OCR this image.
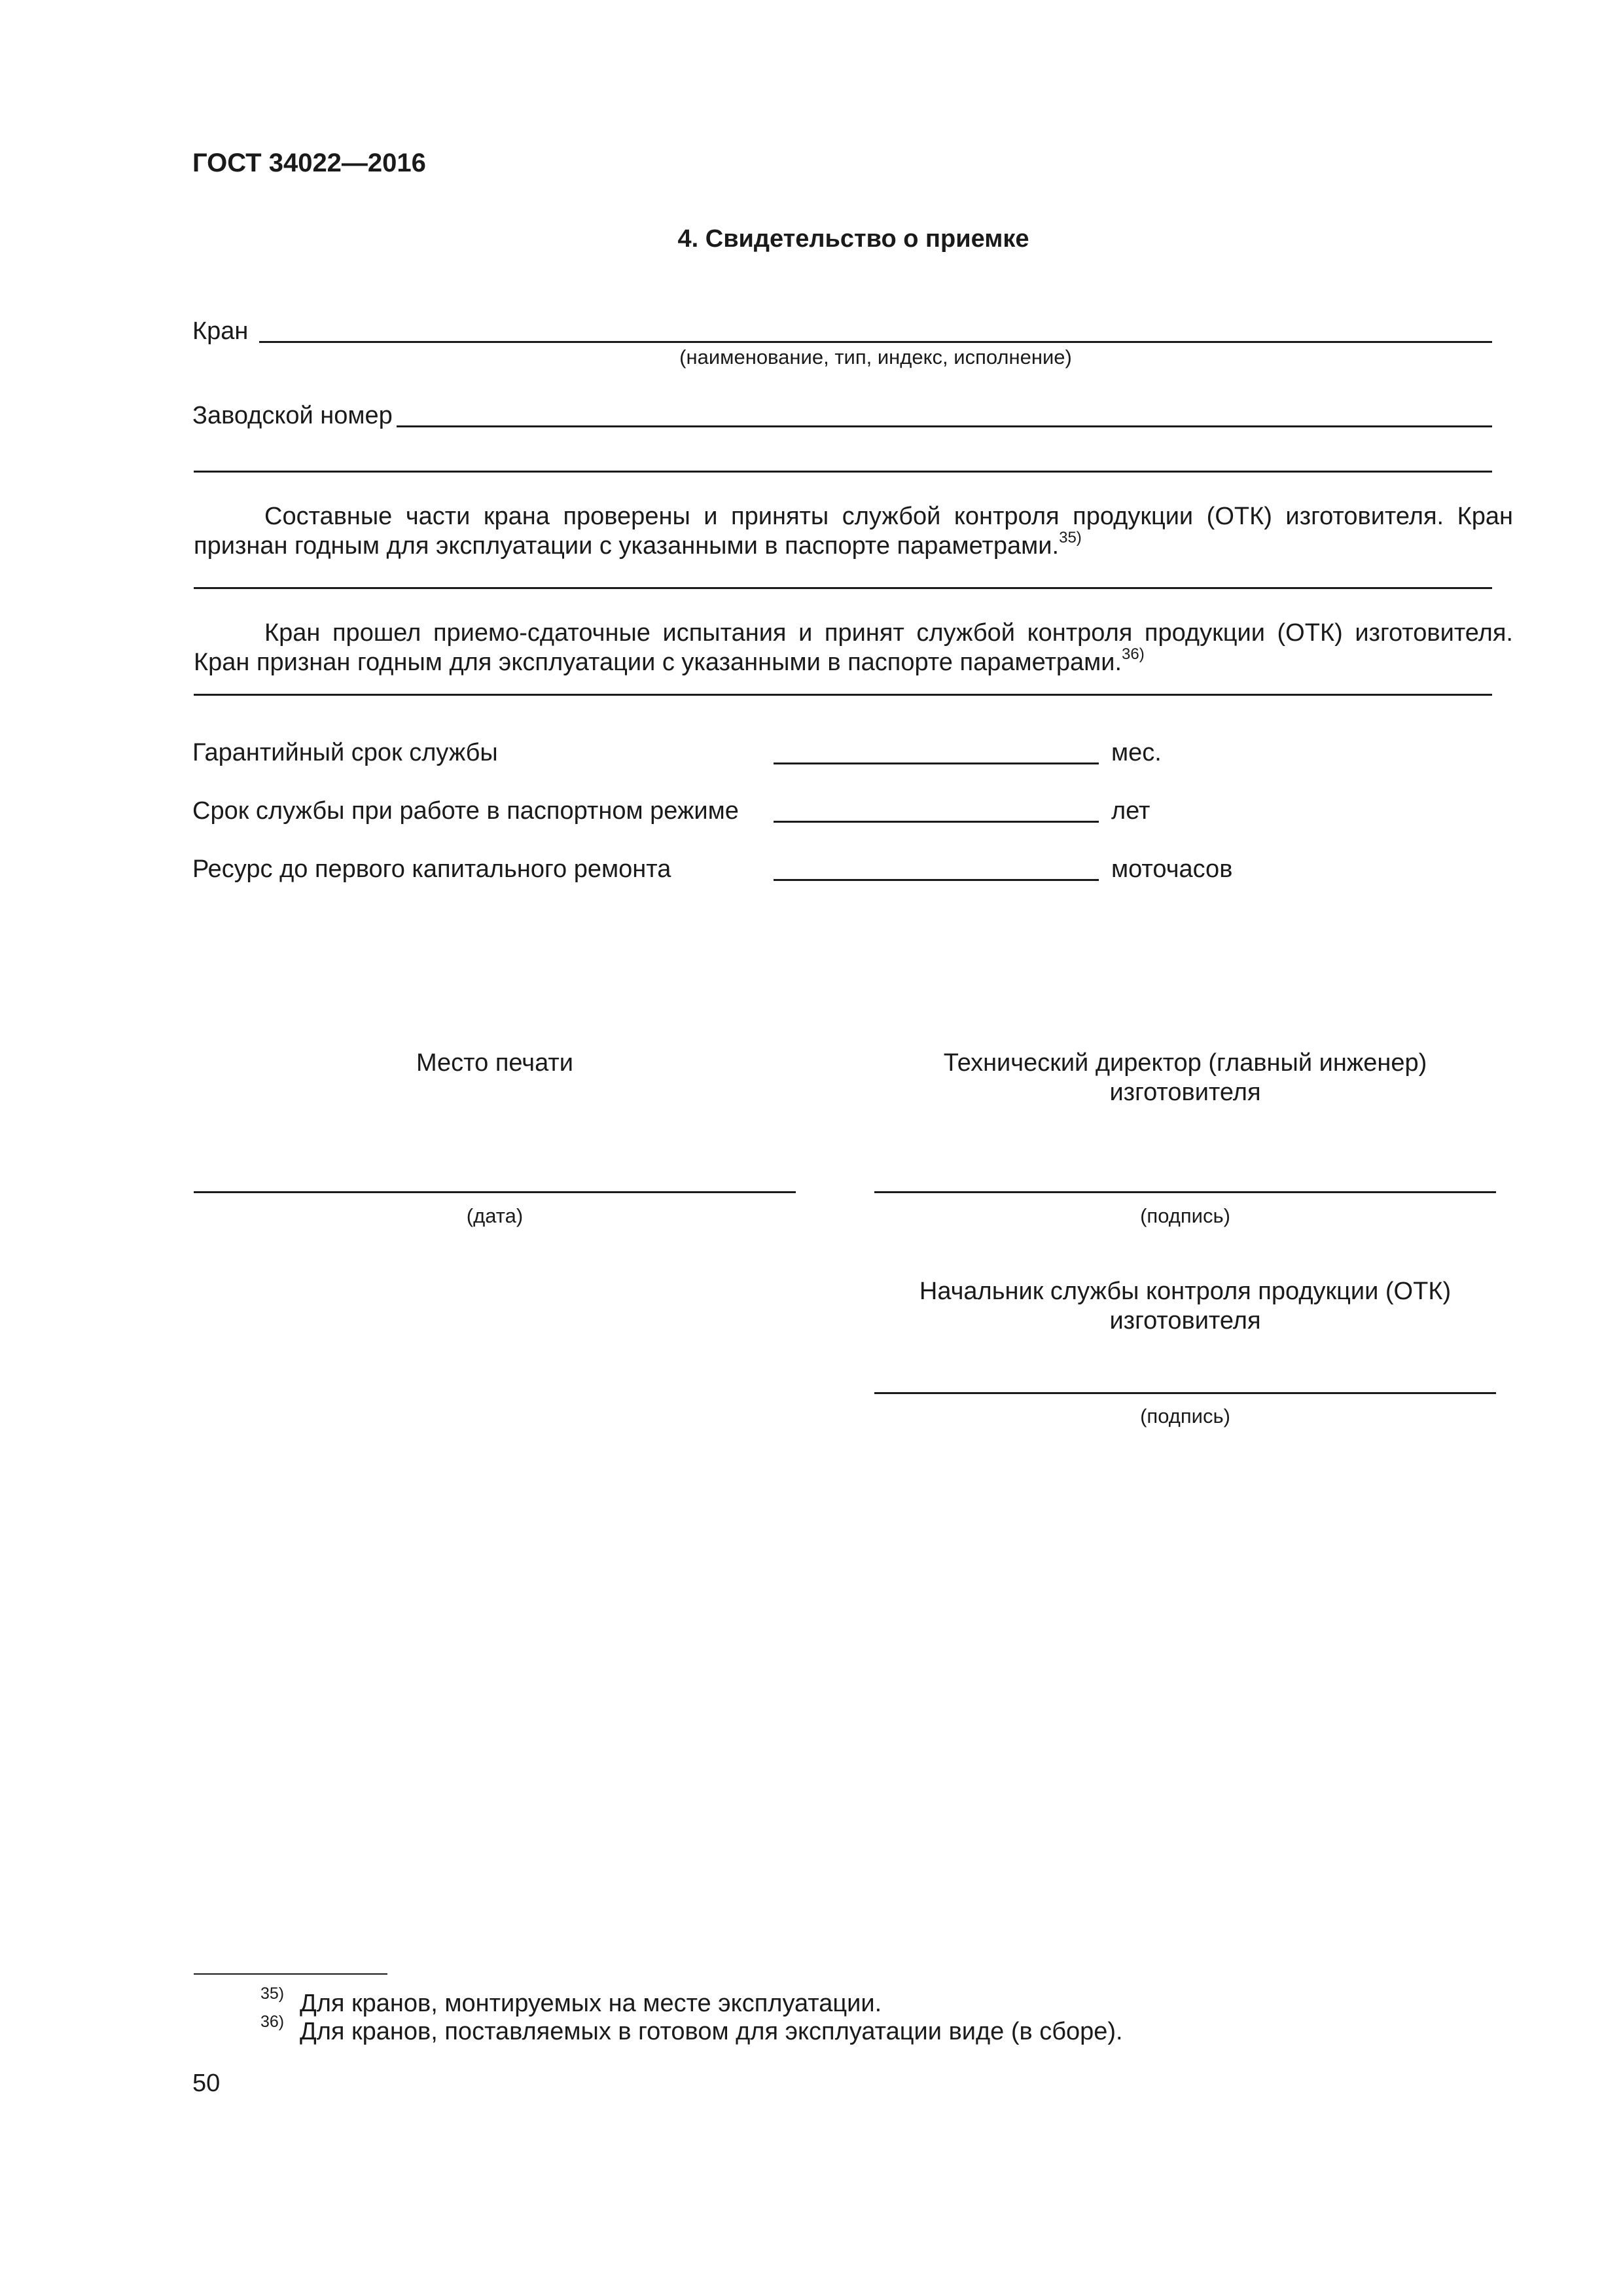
ГОСТ 34022—2016
4. Свидетельство о приемке
Кран
(наименование, тип, индекс, исполнение)
Заводской номер
Составные части крана проверены и приняты службой контроля продукции (ОТК) изготовителя. Кран признан годным для эксплуатации с указанными в паспорте параметрами.$^{35)}$
Кран прошел приемо-сдаточные испытания и принят службой контроля продукции (ОТК) изготовителя. Кран признан годным для эксплуатации с указанными в паспорте параметрами.$^{36)}$
Гарантийный срок службы	мес.
Срок службы при работе в паспортном режиме	лет
Ресурс до первого капитального ремонта	моточасов
Место печати	Технический директор (главный инженер)
изготовителя
(дата)	(подпись)
Начальник службы контроля продукции (ОТК)
изготовителя
(подпись)
35) Для кранов, монтируемых на месте эксплуатации.
36) Для кранов, поставляемых в готовом для эксплуатации виде (в сборе).
50
